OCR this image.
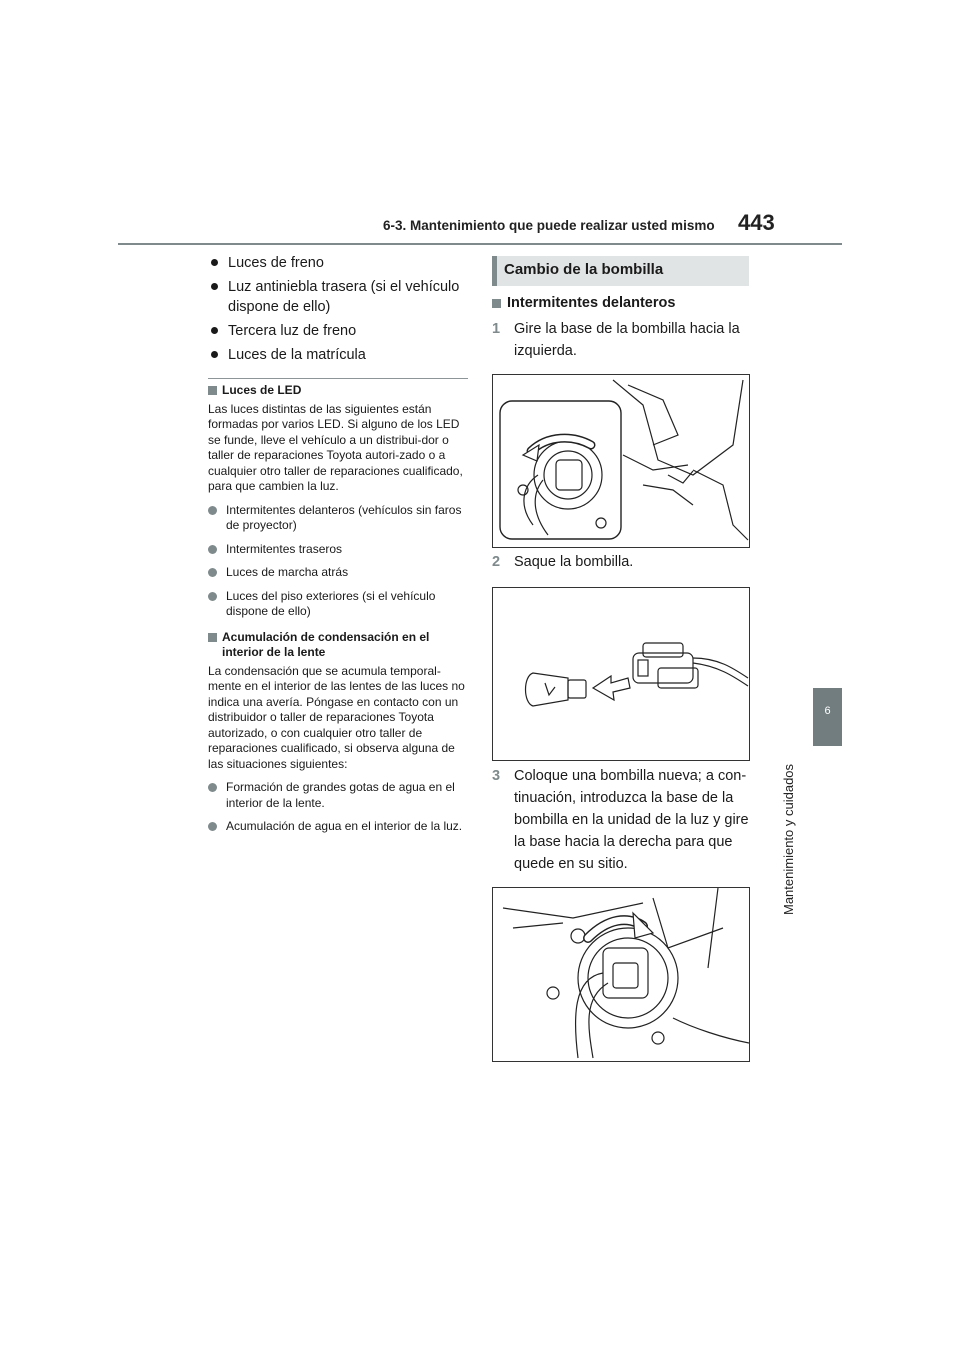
6-3. Mantenimiento que puede realizar usted mismo 443
6
Mantenimiento y cuidados
Luces de freno
Luz antiniebla trasera (si el vehículo dispone de ello)
Tercera luz de freno
Luces de la matrícula
Luces de LED
Las luces distintas de las siguientes están formadas por varios LED. Si alguno de los LED se funde, lleve el vehículo a un distribui-dor o taller de reparaciones Toyota autori-zado o a cualquier otro taller de reparaciones cualificado, para que cambien la luz.
Intermitentes delanteros (vehículos sin faros de proyector)
Intermitentes traseros
Luces de marcha atrás
Luces del piso exteriores (si el vehículo dispone de ello)
Acumulación de condensación en el interior de la lente
La condensación que se acumula temporal-mente en el interior de las lentes de las luces no indica una avería. Póngase en contacto con un distribuidor o taller de reparaciones Toyota autorizado, o con cualquier otro taller de reparaciones cualificado, si observa alguna de las situaciones siguientes:
Formación de grandes gotas de agua en el interior de la lente.
Acumulación de agua en el interior de la luz.
Cambio de la bombilla
Intermitentes delanteros
1 Gire la base de la bombilla hacia la izquierda.
2 Saque la bombilla.
3 Coloque una bombilla nueva; a con-tinuación, introduzca la base de la bombilla en la unidad de la luz y gire la base hacia la derecha para que quede en su sitio.
